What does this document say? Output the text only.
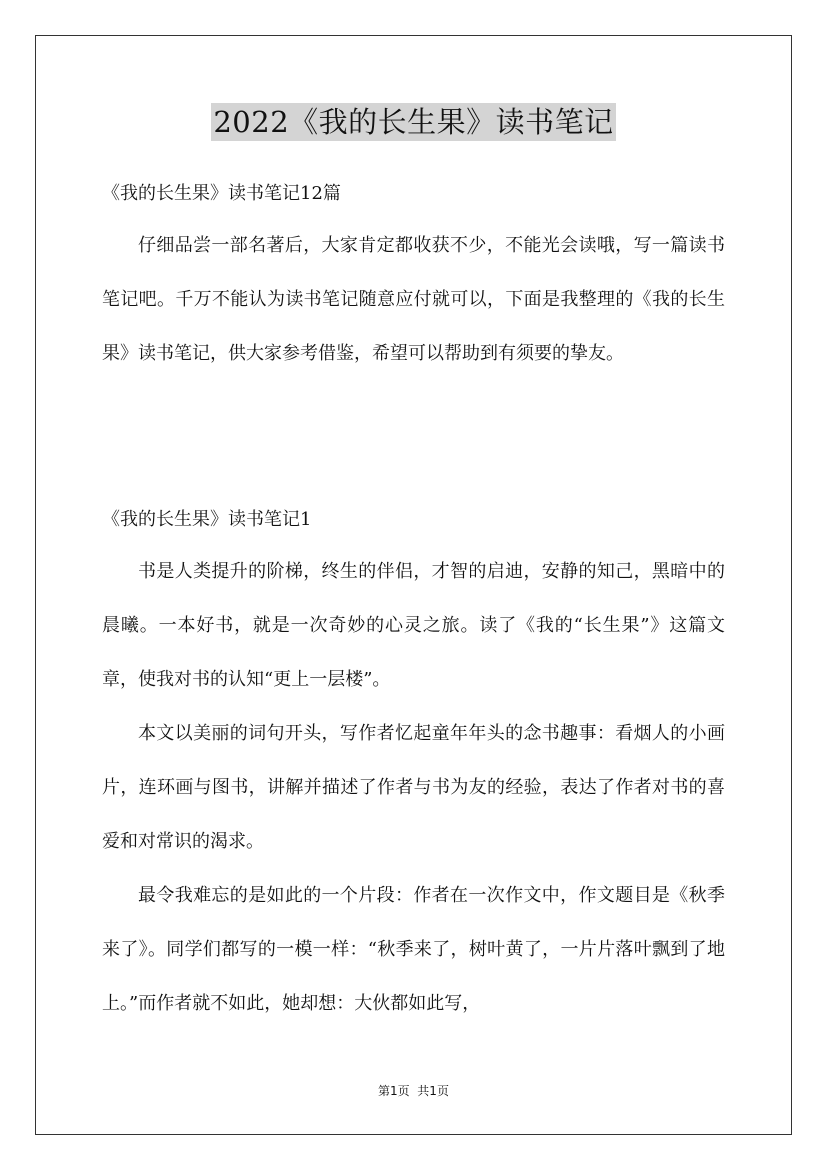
2022《我的长生果》读书笔记
《我的长生果》读书笔记12篇

仔细品尝一部名著后，大家肯定都收获不少，不能光会读哦，写一篇读书笔记吧。千万不能认为读书笔记随意应付就可以，下面是我整理的《我的长生果》读书笔记，供大家参考借鉴，希望可以帮助到有须要的挚友。

《我的长生果》读书笔记1

书是人类提升的阶梯，终生的伴侣，才智的启迪，安静的知己，黑暗中的晨曦。一本好书，就是一次奇妙的心灵之旅。读了《我的“长生果”》这篇文章，使我对书的认知“更上一层楼”。

本文以美丽的词句开头，写作者忆起童年年头的念书趣事：看烟人的小画片，连环画与图书，讲解并描述了作者与书为友的经验，表达了作者对书的喜爱和对常识的渴求。

最令我难忘的是如此的一个片段：作者在一次作文中，作文题目是《秋季来了》。同学们都写的一模一样：“秋季来了，树叶黄了，一片片落叶飘到了地上。”而作者就不如此，她却想：大伙都如此写，

第1页  共1页
